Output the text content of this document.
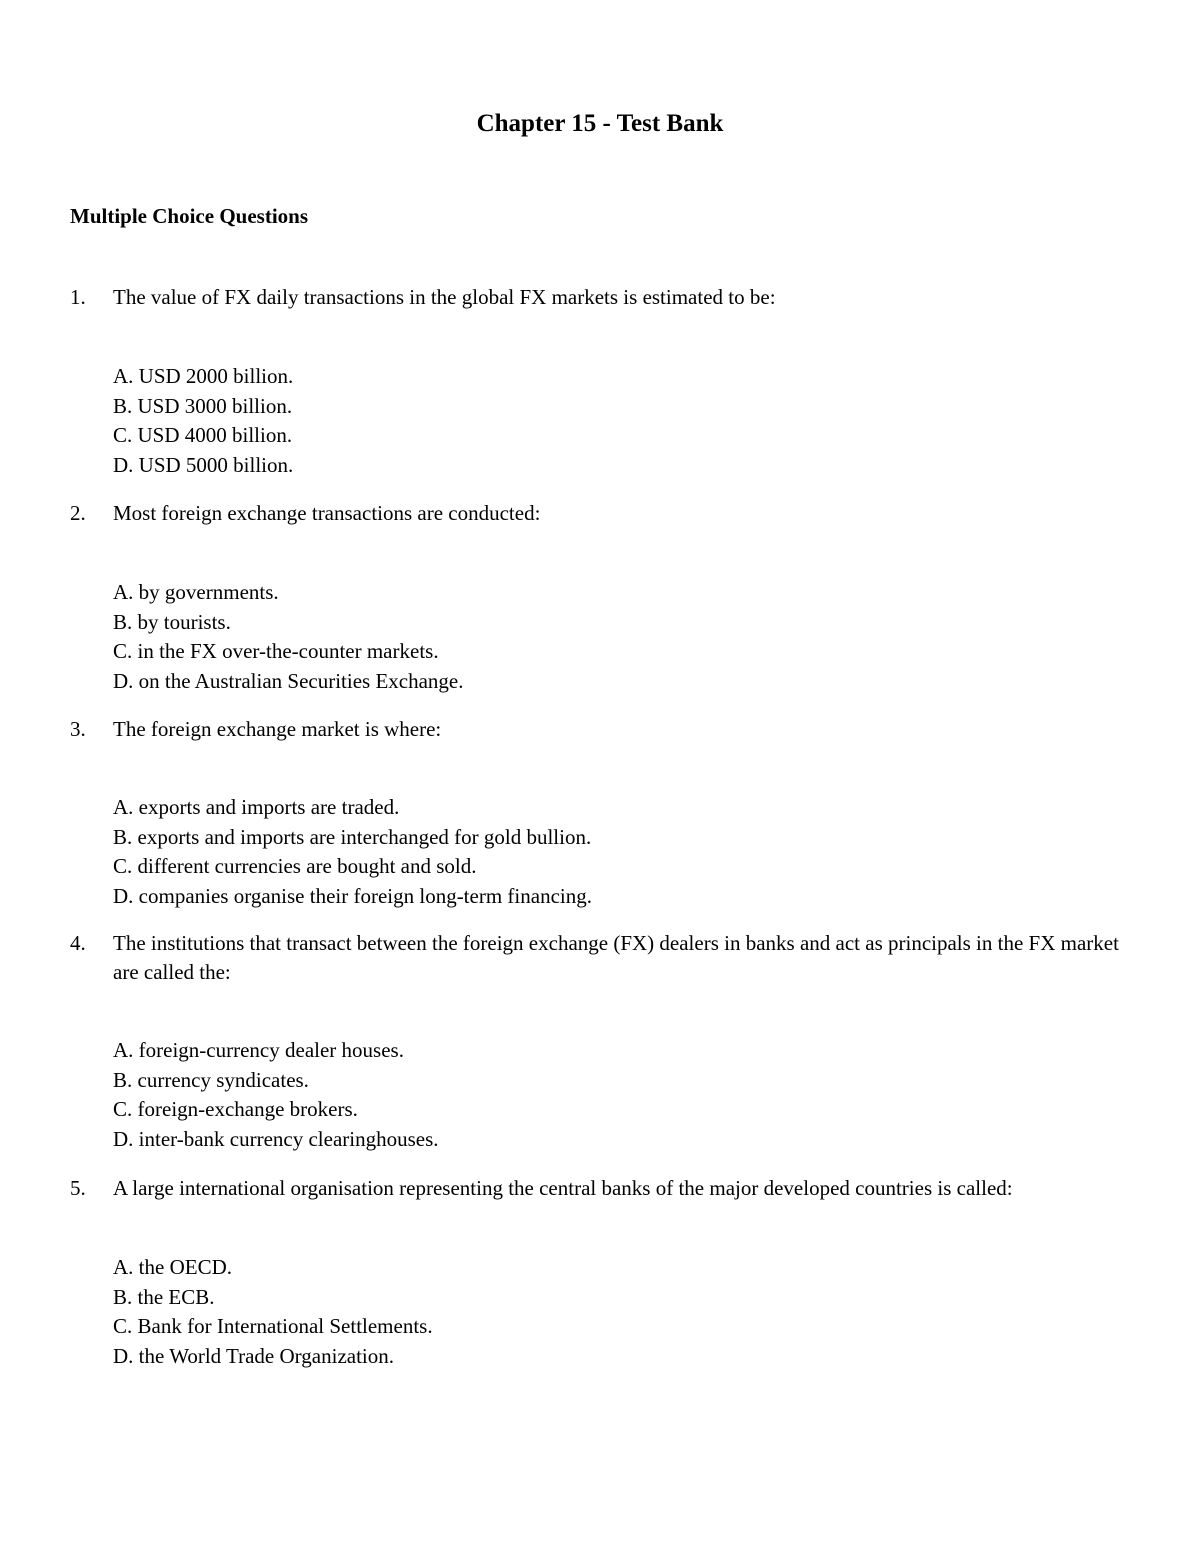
Chapter 15 - Test Bank
Multiple Choice Questions
1. The value of FX daily transactions in the global FX markets is estimated to be:
A. USD 2000 billion.
B. USD 3000 billion.
C. USD 4000 billion.
D. USD 5000 billion.
2. Most foreign exchange transactions are conducted:
A. by governments.
B. by tourists.
C. in the FX over-the-counter markets.
D. on the Australian Securities Exchange.
3. The foreign exchange market is where:
A. exports and imports are traded.
B. exports and imports are interchanged for gold bullion.
C. different currencies are bought and sold.
D. companies organise their foreign long-term financing.
4. The institutions that transact between the foreign exchange (FX) dealers in banks and act as principals in the FX market are called the:
A. foreign-currency dealer houses.
B. currency syndicates.
C. foreign-exchange brokers.
D. inter-bank currency clearinghouses.
5. A large international organisation representing the central banks of the major developed countries is called:
A. the OECD.
B. the ECB.
C. Bank for International Settlements.
D. the World Trade Organization.
